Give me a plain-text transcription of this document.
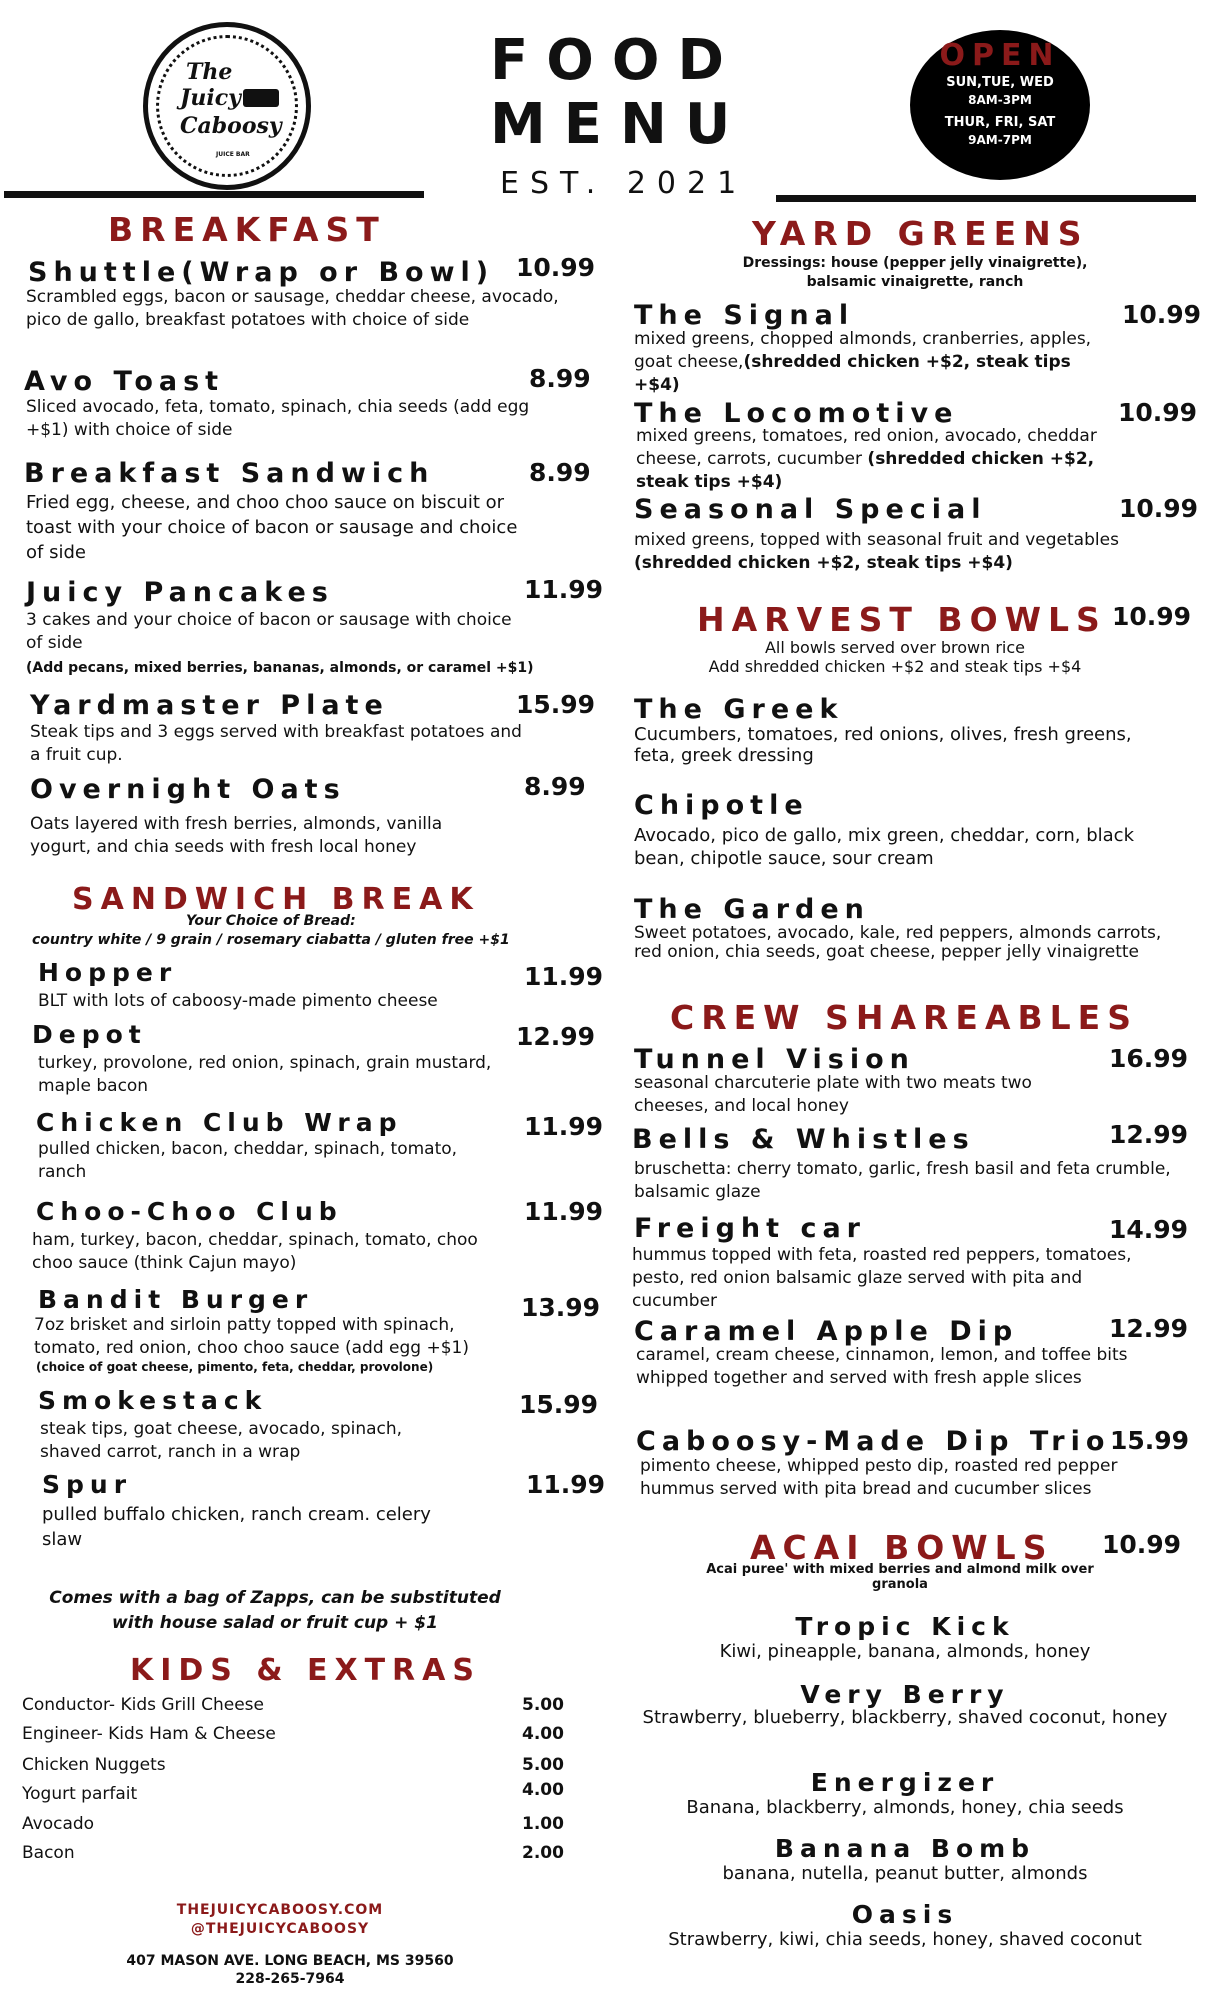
The
Juicy
Caboosy
JUICE BAR
FOOD
MENU
EST. 2021
OPEN
SUN,TUE, WED
8AM-3PM
THUR, FRI, SAT
9AM-7PM
BREAKFAST
Shuttle(Wrap or Bowl) 10.99
Scrambled eggs, bacon or sausage, cheddar cheese, avocado, pico de gallo, breakfast potatoes with choice of side
Avo Toast	8.99
Sliced avocado, feta, tomato, spinach, chia seeds (add egg +$1) with choice of side
Breakfast Sandwich	8.99
Fried egg, cheese, and choo choo sauce on biscuit or toast with your choice of bacon or sausage and choice of side
Juicy Pancakes	11.99
3 cakes and your choice of bacon or sausage with choice of side
(Add pecans, mixed berries, bananas, almonds, or caramel +$1)
Yardmaster Plate	15.99
Steak tips and 3 eggs served with breakfast potatoes and a fruit cup.
Overnight Oats	8.99
Oats layered with fresh berries, almonds, vanilla yogurt, and chia seeds with fresh local honey
SANDWICH BREAK
Your Choice of Bread:
country white / 9 grain / rosemary ciabatta / gluten free +$1
Hopper	11.99
BLT with lots of caboosy-made pimento cheese
Depot	12.99
turkey, provolone, red onion, spinach, grain mustard, maple bacon
Chicken Club Wrap	11.99
pulled chicken, bacon, cheddar, spinach, tomato, ranch
Choo-Choo Club	11.99
ham, turkey, bacon, cheddar, spinach, tomato, choo choo sauce (think Cajun mayo)
Bandit Burger	13.99
7oz brisket and sirloin patty topped with spinach, tomato, red onion, choo choo sauce (add egg +$1)
(choice of goat cheese, pimento, feta, cheddar, provolone)
Smokestack	15.99
steak tips, goat cheese, avocado, spinach, shaved carrot, ranch in a wrap
Spur	11.99
pulled buffalo chicken, ranch cream. celery slaw
Comes with a bag of Zapps, can be substituted with house salad or fruit cup + $1
KIDS & EXTRAS
Conductor- Kids Grill Cheese	5.00
Engineer- Kids Ham & Cheese	4.00
Chicken Nuggets	5.00
Yogurt parfait	4.00
Avocado	1.00
Bacon	2.00
THEJUICYCABOOSY.COM
@THEJUICYCABOOSY
407 MASON AVE. LONG BEACH, MS 39560
228-265-7964
YARD GREENS
Dressings: house (pepper jelly vinaigrette), balsamic vinaigrette, ranch
The Signal	10.99
mixed greens, chopped almonds, cranberries, apples, goat cheese,(shredded chicken +$2, steak tips +$4)
The Locomotive	10.99
mixed greens, tomatoes, red onion, avocado, cheddar cheese, carrots, cucumber (shredded chicken +$2, steak tips +$4)
Seasonal Special	10.99
mixed greens, topped with seasonal fruit and vegetables (shredded chicken +$2, steak tips +$4)
HARVEST BOWLS 10.99
All bowls served over brown rice
Add shredded chicken +$2 and steak tips +$4
The Greek
Cucumbers, tomatoes, red onions, olives, fresh greens, feta, greek dressing
Chipotle
Avocado, pico de gallo, mix green, cheddar, corn, black bean, chipotle sauce, sour cream
The Garden
Sweet potatoes, avocado, kale, red peppers, almonds carrots, red onion, chia seeds, goat cheese, pepper jelly vinaigrette
CREW SHAREABLES
Tunnel Vision	16.99
seasonal charcuterie plate with two meats two cheeses, and local honey
Bells & Whistles	12.99
bruschetta: cherry tomato, garlic, fresh basil and feta crumble, balsamic glaze
Freight car	14.99
hummus topped with feta, roasted red peppers, tomatoes, pesto, red onion balsamic glaze served with pita and cucumber
Caramel Apple Dip	12.99
caramel, cream cheese, cinnamon, lemon, and toffee bits whipped together and served with fresh apple slices
Caboosy-Made Dip Trio 15.99
pimento cheese, whipped pesto dip, roasted red pepper hummus served with pita bread and cucumber slices
ACAI BOWLS 10.99
Acai puree' with mixed berries and almond milk over granola
Tropic Kick
Kiwi, pineapple, banana, almonds, honey
Very Berry
Strawberry, blueberry, blackberry, shaved coconut, honey
Energizer
Banana, blackberry, almonds, honey, chia seeds
Banana Bomb
banana, nutella, peanut butter, almonds
Oasis
Strawberry, kiwi, chia seeds, honey, shaved coconut
